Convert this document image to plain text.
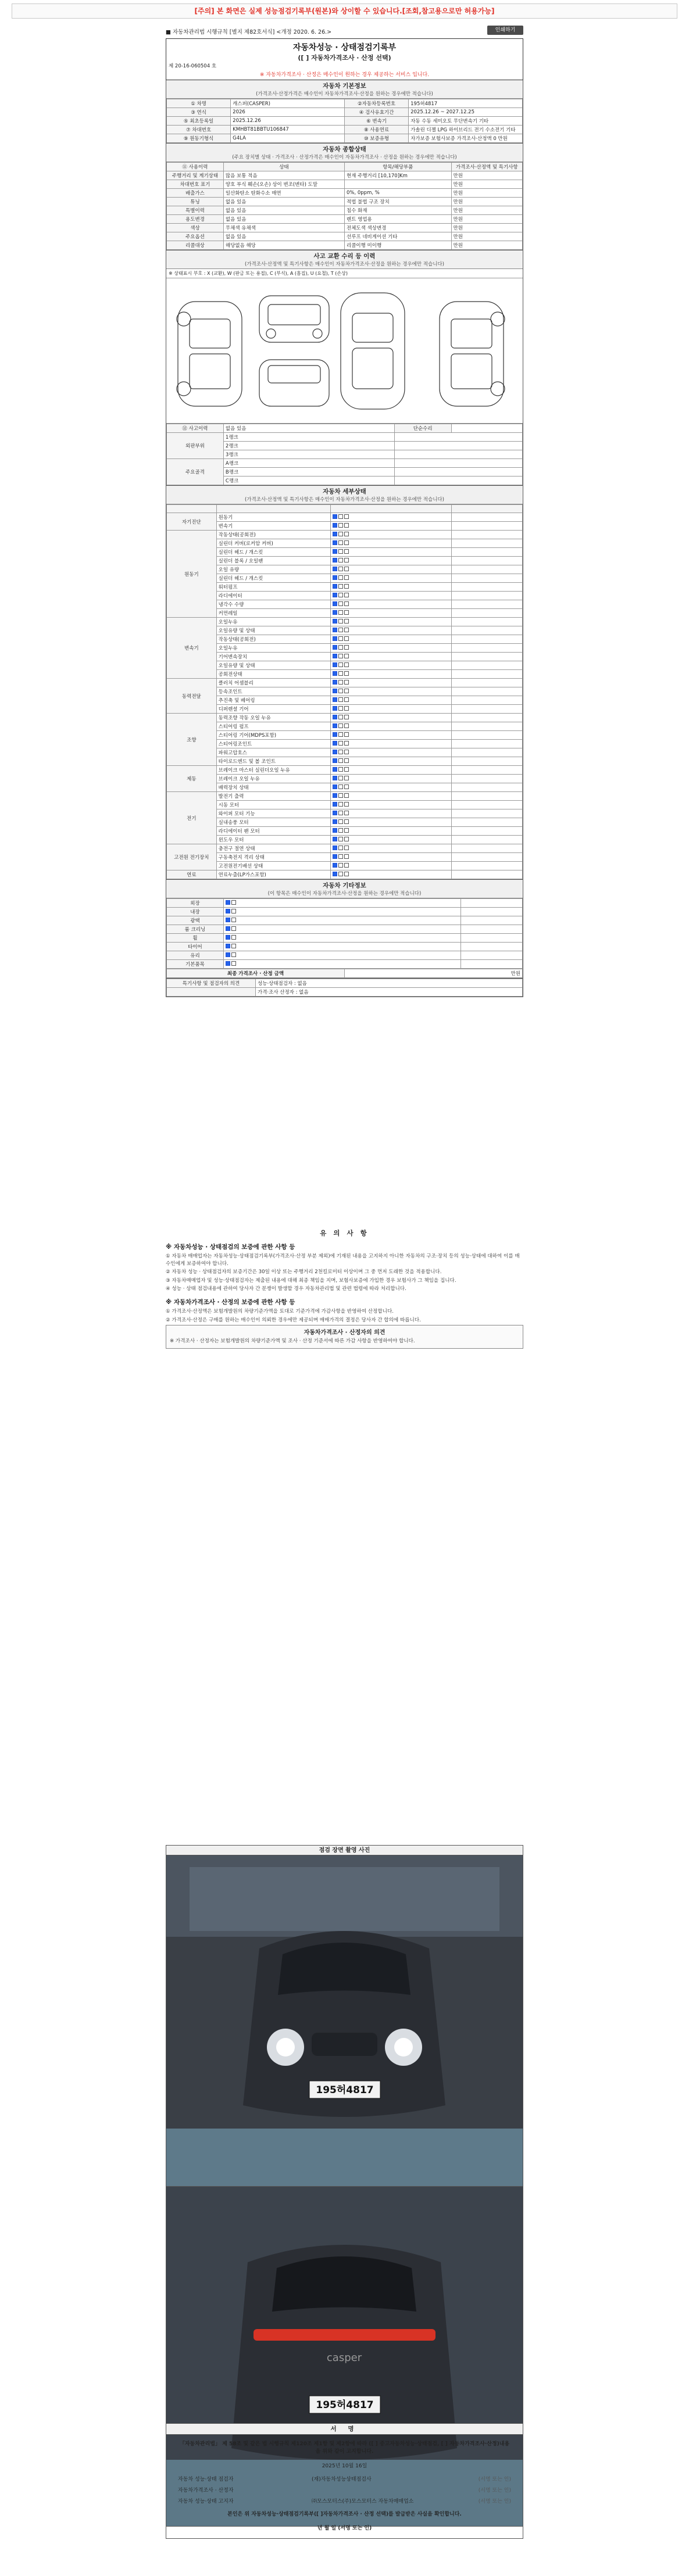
[주의] 본 화면은 실제 성능점검기록부(원본)와 상이할 수 있습니다.[조회,참고용으로만 허용가능]
■ 자동차관리법 시행규칙 [별지 제82호서식] <개정 2020. 6. 26.>	인쇄하기
자동차성능 · 상태점검기록부
([ ] 자동차가격조사 · 산정 선택)
제 20-16-060504 호
※ 자동차가격조사 · 산정은 매수인이 원하는 경우 제공하는 서비스 입니다.
자동차 기본정보
(가격조사·산정가격은 매수인이 자동차가격조사·산정을 원하는 경우에만 적습니다)
① 차명	캐스퍼(CASPER)	②자동차등록번호	195허4817
③ 연식	2026	④ 검사유효기간	2025.12.26 ~ 2027.12.25
⑤ 최초등록일	2025.12.26	⑥ 변속기	자동 수동 세미오토 무단변속기 기타
⑦ 차대번호	KMHBT81BBTU106847	⑧ 사용연료	가솔린 디젤 LPG 하이브리드 전기 수소전기 기타
⑨ 원동기형식	G4LA	⑩ 보증유형	자가보증 보험사보증 가격조사·산정액 0 만원
자동차 종합상태
(주요 장치별 상태 · 가격조사 · 산정가격은 매수인이 자동차가격조사 · 산정을 원하는 경우에만 적습니다)
⑪ 사용이력	상태	항목/해당부품	가격조사·산정액 및 특기사항
주행거리 및 계기상태	많음 보통 적음	현재 주행거리 [10,170]Km	만원
차대번호 표기	양호 부식 훼손(오손) 상이 변조(변타) 도말		만원
배출가스	일산화탄소 탄화수소 매연	0%, 0ppm, %	만원
튜닝	없음 있음	적법 불법 구조 장치	만원
특별이력	없음 있음	침수 화재	만원
용도변경	없음 있음	렌트 영업용	만원
색상	무채색 유채색	전체도색 색상변경	만원
주요옵션	없음 있음	선루프 네비게이션 기타	만원
리콜대상	해당없음 해당	리콜이행 미이행	만원
사고 교환 수리 등 이력
(가격조사·산정액 및 특기사항은 매수인이 자동차가격조사·산정을 원하는 경우에만 적습니다)
※ 상태표시 부호 : X (교환), W (판금 또는 용접), C (부식), A (흠집), U (요철), T (손상)
⑫ 사고이력	없음 있음	단순수리	
외판부위	1랭크		
	2랭크		
	3랭크		
주요골격	A랭크		
	B랭크		
	C랭크		
자동차 세부상태
(가격조사·산정액 및 특기사항은 매수인이 자동차가격조사·산정을 원하는 경우에만 적습니다)

자기진단	원동기		
	변속기		
원동기	작동상태(공회전)		
	실린더 커버(로커암 커버)		
	실린더 헤드 / 개스킷		
	실린더 블록 / 오일팬		
	오일 유량		
	실린더 헤드 / 개스킷		
	워터펌프		
	라디에이터		
	냉각수 수량		
	커먼레일		
변속기	오일누유		
	오일유량 및 상태		
	작동상태(공회전)		
	오일누유		
	기어변속장치		
	오일유량 및 상태		
	공회전상태		
동력전달	클러치 어셈블리		
	등속조인트		
	추진축 및 베어링		
	디퍼렌셜 기어		
조향	동력조향 작동 오일 누유		
	스티어링 펌프		
	스티어링 기어(MDPS포함)		
	스티어링조인트		
	파워고압호스		
	타이로드엔드 및 볼 조인트		
제동	브레이크 마스터 실린더오일 누유		
	브레이크 오일 누유		
	배력장치 상태		
전기	발전기 출력		
	시동 모터		
	와이퍼 모터 기능		
	실내송풍 모터		
	라디에이터 팬 모터		
	윈도우 모터		
고전원 전기장치	충전구 절연 상태		
	구동축전지 격리 상태		
	고전원전기배선 상태		
연료	연료누출(LP가스포함)		
자동차 기타정보
(이 항목은 매수인이 자동차가격조사·산정을 원하는 경우에만 적습니다)
외장		
내장		
광택		
룸 크리닝		
휠		
타이어		
유리		
기본품목		
최종 가격조사 · 산정 금액	만원
특기사항 및 점검자의 의견	성능·상태점검자 : 없음
	가격·조사 산정자 : 없음
유 의 사 항
※ 자동차성능 · 상태점검의 보증에 관한 사항 등

① 자동차 매매업자는 자동차성능·상태점검기록부(가격조사·산정 부분 제외)에 기재된 내용을 고지하지 아니한 자동차의 구조·장치 등의 성능·상태에 대하여 이를 매수인에게 보증하여야 합니다.

② 자동차 성능 · 상태점검자의 보증기간은 30일 이상 또는 주행거리 2천킬로미터 이상이며 그 중 먼저 도래한 것을 적용합니다.

③ 자동차매매업자 및 성능·상태점검자는 제출된 내용에 대해 최종 책임을 지며, 보험사보증에 가입한 경우 보험사가 그 책임을 집니다.

④ 성능 · 상태 점검내용에 관하여 당사자 간 분쟁이 발생할 경우 자동차관리법 및 관련 법령에 따라 처리합니다.

※ 자동차가격조사 · 산정의 보증에 관한 사항 등

① 가격조사·산정액은 보험개발원의 차량기준가액을 토대로 기준가격에 가감사항을 반영하여 산정합니다.

② 가격조사·산정은 구매를 원하는 매수인이 의뢰한 경우에만 제공되며 매매가격의 결정은 당사자 간 합의에 따릅니다.

자동차가격조사 · 산정자의 의견

※ 가격조사 · 산정자는 보험개발원의 차량기준가액 및 조사 · 산정 기준서에 따른 가감 사항을 반영하여야 합니다.

점검 장면 촬영 사진
195허4817
casper
195허4817
서 명
「자동차관리법」 제 58조 및 같은 법 시행규칙 제120조 제1항 및 제2항에 따라 ([ ] 중고자동차성능·상태점검, [ ] 자동차가격조사·산정)내용을 위와 같이 고지합니다.
2025년 10월 16일
자동차 성능·상태 점검자	(재)자동차성능상태점검사	(서명 또는 인)
자동차가격조사 · 산정자	(서명 또는 인)
자동차 성능·상태 고지자	㈜모스모터스(주)모스모터스 자동차매매업소	(서명 또는 인)
본인은 위 자동차성능·상태점검기록부([ ]자동차가격조사 · 산정 선택)를 발급받은 사실을 확인합니다.
년 월 일 (서명 또는 인)
